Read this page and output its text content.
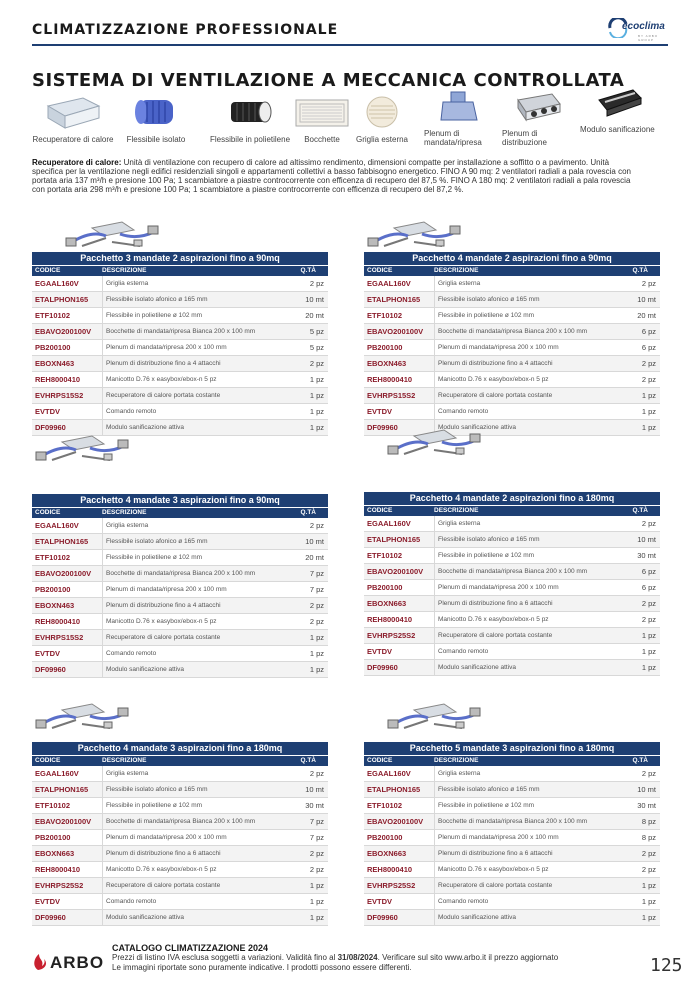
CLIMATIZZAZIONE PROFESSIONALE	ecoclima
BY ARBO GROUP
SISTEMA DI VENTILAZIONE A MECCANICA CONTROLLATA
Recuperatore di calore	Flessibile isolato	Flessibile in polietilene	Bocchette	Griglia esterna
Plenum di mandata/ripresa
Plenum di distribuzione
Modulo sanificazione
Recuperatore di calore: Unità di ventilazione con recupero di calore ad altissimo rendimento, dimensioni compatte per installazione a soffitto o a pavimento. Unità specifica per la ventilazione negli edifici residenziali singoli e appartamenti collettivi a basso fabbisogno energetico. FINO A 90 mq: 2 ventilatori radiali a pala rovescia con portata aria 137 m³/h e presione 100 Pa; 1 scambiatore a piastre controcorrente con efficenza di recupero del 87,5 %. FINO A 180 mq: 2 ventilatori radiali a pala rovescia con portata aria 298 m³/h e presione 100 Pa; 1 scambiatore a piastre controcorrente con efficenza di recupero del 87,2 %.
Pacchetto 3 mandate 2 aspirazioni fino a 90mq
CODICE	DESCRIZIONE	Q.TÀ
EGAAL160V	Griglia esterna	2 pz
ETALPHON165	Flessibile isolato afonico ø 165 mm	10 mt
ETF10102	Flessibile in polietilene ø 102 mm	20 mt
EBAVO200100V	Bocchette di mandata/ripresa Bianca 200 x 100 mm	5 pz
PB200100	Plenum di mandata/ripresa 200 x 100 mm	5 pz
EBOXN463	Plenum di distribuzione fino a 4 attacchi	2 pz
REH8000410	Manicotto D.76 x easybox/ebox-n 5 pz	1 pz
EVHRPS15S2	Recuperatore di calore portata costante	1 pz
EVTDV	Comando remoto	1 pz
DF09960	Modulo sanificazione attiva	1 pz
Pacchetto 4 mandate 2 aspirazioni fino a 90mq
CODICE	DESCRIZIONE	Q.TÀ
EGAAL160V	Griglia esterna	2 pz
ETALPHON165	Flessibile isolato afonico ø 165 mm	10 mt
ETF10102	Flessibile in polietilene ø 102 mm	20 mt
EBAVO200100V	Bocchette di mandata/ripresa Bianca 200 x 100 mm	6 pz
PB200100	Plenum di mandata/ripresa 200 x 100 mm	6 pz
EBOXN463	Plenum di distribuzione fino a 4 attacchi	2 pz
REH8000410	Manicotto D.76 x easybox/ebox-n 5 pz	2 pz
EVHRPS15S2	Recuperatore di calore portata costante	1 pz
EVTDV	Comando remoto	1 pz
DF09960	Modulo sanificazione attiva	1 pz
Pacchetto 4 mandate 3 aspirazioni fino a 90mq
CODICE	DESCRIZIONE	Q.TÀ
EGAAL160V	Griglia esterna	2 pz
ETALPHON165	Flessibile isolato afonico ø 165 mm	10 mt
ETF10102	Flessibile in polietilene ø 102 mm	20 mt
EBAVO200100V	Bocchette di mandata/ripresa Bianca 200 x 100 mm	7 pz
PB200100	Plenum di mandata/ripresa 200 x 100 mm	7 pz
EBOXN463	Plenum di distribuzione fino a 4 attacchi	2 pz
REH8000410	Manicotto D.76 x easybox/ebox-n 5 pz	2 pz
EVHRPS15S2	Recuperatore di calore portata costante	1 pz
EVTDV	Comando remoto	1 pz
DF09960	Modulo sanificazione attiva	1 pz
Pacchetto 4 mandate 2 aspirazioni fino a 180mq
CODICE	DESCRIZIONE	Q.TÀ
EGAAL160V	Griglia esterna	2 pz
ETALPHON165	Flessibile isolato afonico ø 165 mm	10 mt
ETF10102	Flessibile in polietilene ø 102 mm	30 mt
EBAVO200100V	Bocchette di mandata/ripresa Bianca 200 x 100 mm	6 pz
PB200100	Plenum di mandata/ripresa 200 x 100 mm	6 pz
EBOXN663	Plenum di distribuzione fino a 6 attacchi	2 pz
REH8000410	Manicotto D.76 x easybox/ebox-n 5 pz	2 pz
EVHRPS25S2	Recuperatore di calore portata costante	1 pz
EVTDV	Comando remoto	1 pz
DF09960	Modulo sanificazione attiva	1 pz
Pacchetto 4 mandate 3 aspirazioni fino a 180mq
CODICE	DESCRIZIONE	Q.TÀ
EGAAL160V	Griglia esterna	2 pz
ETALPHON165	Flessibile isolato afonico ø 165 mm	10 mt
ETF10102	Flessibile in polietilene ø 102 mm	30 mt
EBAVO200100V	Bocchette di mandata/ripresa Bianca 200 x 100 mm	7 pz
PB200100	Plenum di mandata/ripresa 200 x 100 mm	7 pz
EBOXN663	Plenum di distribuzione fino a 6 attacchi	2 pz
REH8000410	Manicotto D.76 x easybox/ebox-n 5 pz	2 pz
EVHRPS25S2	Recuperatore di calore portata costante	1 pz
EVTDV	Comando remoto	1 pz
DF09960	Modulo sanificazione attiva	1 pz
Pacchetto 5 mandate 3 aspirazioni fino a 180mq
CODICE	DESCRIZIONE	Q.TÀ
EGAAL160V	Griglia esterna	2 pz
ETALPHON165	Flessibile isolato afonico ø 165 mm	10 mt
ETF10102	Flessibile in polietilene ø 102 mm	30 mt
EBAVO200100V	Bocchette di mandata/ripresa Bianca 200 x 100 mm	8 pz
PB200100	Plenum di mandata/ripresa 200 x 100 mm	8 pz
EBOXN663	Plenum di distribuzione fino a 6 attacchi	2 pz
REH8000410	Manicotto D.76 x easybox/ebox-n 5 pz	2 pz
EVHRPS25S2	Recuperatore di calore portata costante	1 pz
EVTDV	Comando remoto	1 pz
DF09960	Modulo sanificazione attiva	1 pz
ARBO
CATALOGO CLIMATIZZAZIONE 2024
Prezzi di listino IVA esclusa soggetti a variazioni. Validità fino al 31/08/2024. Verificare sul sito www.arbo.it il prezzo aggiornato
Le immagini riportate sono puramente indicative. I prodotti possono essere differenti.	125
